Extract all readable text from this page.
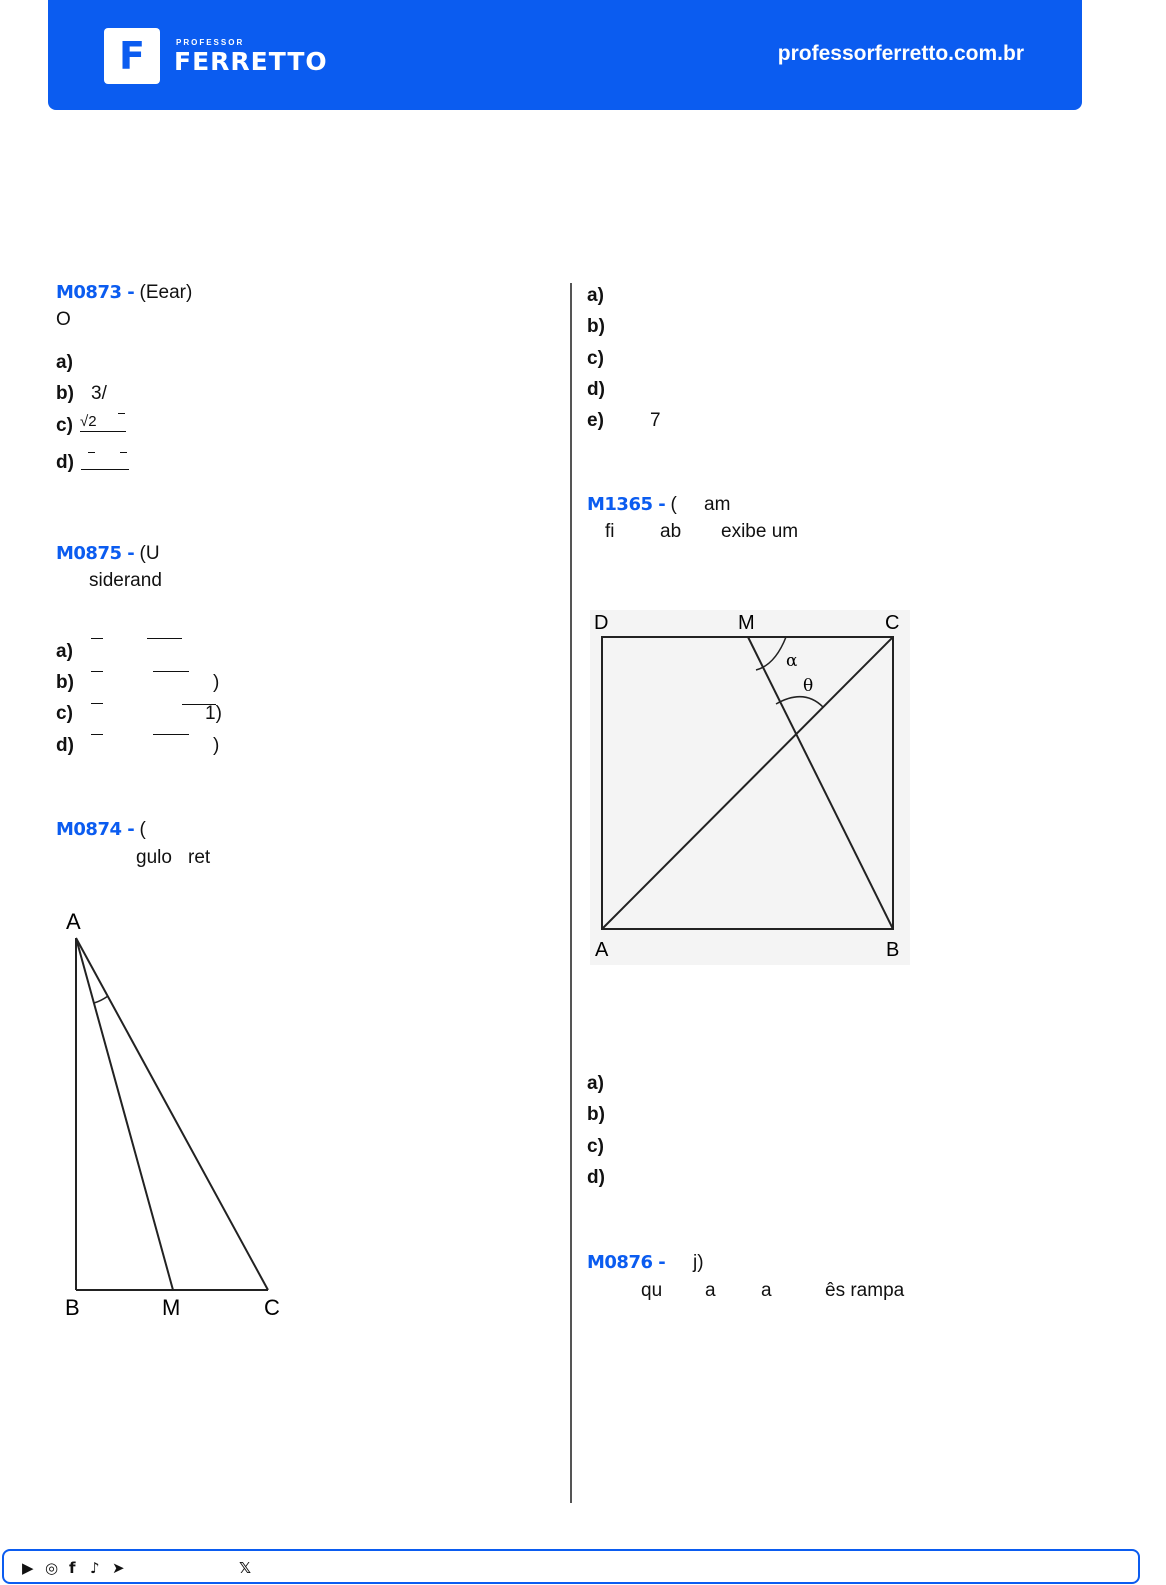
F	PROFESSOR
FERRETTO	professorferretto.com.br
M0873 - (Eear)
O
a)
b) 3/
c) √2
d)
M0875 - (U
siderand
a)
b)	)
c)	1)
d)	)
M0874 - (
gulo ret
A
B	M	C
a)
b)
c)
d)
e) 7
M1365 - ( am
fi ab exibe um
D	M	C
A	B
α
θ
a)
b)
c)
d)
M0876 - j)
qu a a	ês rampa
▶ ◎ f ♪ ➤	𝕏
